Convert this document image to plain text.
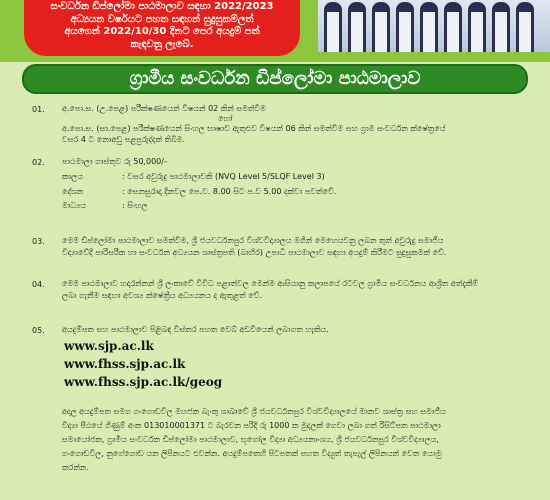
සංවර්ධන ඩිප්ලෝමා පාඨමාලාව සඳහා 2022/2023
අධ්‍යයන වර්ෂයට පහත සඳහන් සුදුසුකම්ලත්
අයගෙන් 2022/10/30 දිනට පෙර අයදුම් පත්
කැඳවනු ලැබේ.
ග්‍රාමීය සංවර්ධන ඩිප්ලෝමා පාඨමාලාව
01. අ.පො.ස. (උ.පෙළ) පරීක්ෂණයෙන් විෂයන් 02 කින් සමත්වීම
හෝ
අ.පො.ස. (සා.පෙළ) පරීක්ෂණයෙන් සිංහල භාෂාව ඇතුළුව විෂයන් 06 කින් සමත්වීම සහ ග්‍රාම සංවර්ධන ක්ෂේත්‍රයේ
වසර 4 ට නොඅඩු පළපුරුද්දක් තිබීම.
02. පාඨමාලා ගාස්තුව රු 50,000/-
කාලය	: වසර අවුරුදු පාඨමාලාවකි (NVQ Level 5/SLQF Level 3)
දේශන	: සෙනසුරාදා දිනවල පෙ.ව. 8.00 සිට ප.ව 5.00 දක්වා පවත්වේ.
මාධ්‍යය	: සිංහල
03. මෙම ඩිප්ලෝමා පාඨමාලාව සමත්වීම, ශ්‍රී ජයවර්ධනපුර විශ්වවිද්‍යාලය මගින් මෙහෙයවනු ලබන තුන් අවුරුදු සමාජීය
විද්‍යාවේදි පාරිසරික හා සංවර්ධන අධ්‍යයන ශාස්ත්‍රපති (බාහිර) උපාධි පාඨමාලාව සඳහා අයදුම් කිරීමට සුදුසුකමක් වේ.
04. මෙම පාඨමාලාව හදාරන්නන් ශ්‍රී ලංකාවේ විවිධ පළාත්වල මෙන්ම ආසියානු කලාපයේ රටවල ග්‍රාමීය සංවර්ධනය ආශ්‍රිත අත්දැකීම්
ලබා ගැනීම සඳහා අවශ්‍ය ක්ෂේත්‍රීය අධ්‍යයනය ද ඇතුළත් වේ.
05. අයදුම්පත සහ පාඨමාලාව පිළිබඳ විස්තර පහත වෙබ් අඩවියෙන් ලබාගත හැකිය.
www.sjp.ac.lk
www.fhss.sjp.ac.lk
www.fhss.sjp.ac.lk/geog
අදාල අයදුම්පත සමග ගංගොඩවිල මහජන බැංකු ශාඛාවේ ශ්‍රී ජයවර්ධනපුර විශ්වවිද්‍යාලයේ මානව ශාස්ත්‍ර සහ සමාජීය
විද්‍යා පීඨයේ ගිණුම් අංක 013010001371 ට බැරවන පරිදි රු 1000 ක මුදලක් ගෙවා ලබා ගත් රිසිට්පත පාඨමාලා
සමායෝජක, ග්‍රාමීය සංවර්ධන ඩිප්ලෝමා පාඨමාලාව, භූගෝල විද්‍යා අධ්‍යයනාංශය, ශ්‍රී ජයවර්ධනපුර විශ්වවිද්‍යාලය,
ගංගොඩවිල, නුගේගොඩ යන ලිපිනයට එවන්න. අයදුම්පතෙහි පිටපතක් පහත විද්‍යුත් තැපැල් ලිපිනයන් වෙත යොමු
කරන්න.
